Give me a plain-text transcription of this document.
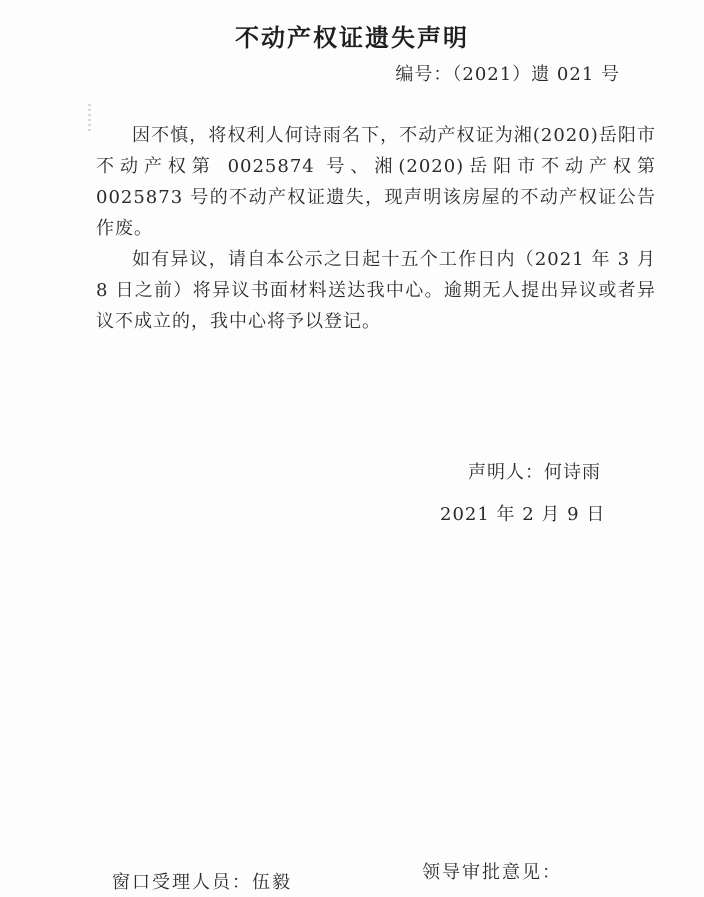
不动产权证遗失声明
编号：（2021）遗 021 号

因不慎，将权利人何诗雨名下，不动产权证为湘(2020)岳阳市不动产权第 0025874 号、湘(2020)岳阳市不动产权第 0025873 号的不动产权证遗失，现声明该房屋的不动产权证公告作废。

如有异议，请自本公示之日起十五个工作日内（2021 年 3 月 8 日之前）将异议书面材料送达我中心。逾期无人提出异议或者异议不成立的，我中心将予以登记。

声明人：何诗雨
2021 年 2 月 9 日
窗口受理人员：伍毅	领导审批意见：
